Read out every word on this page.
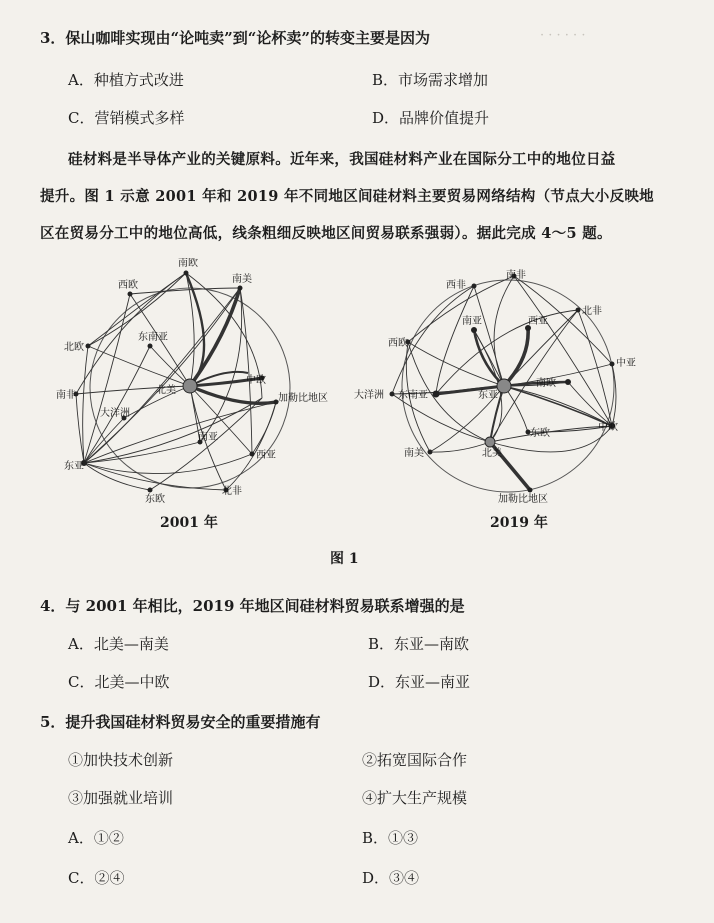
· · · · · ·
3．保山咖啡实现由“论吨卖”到“论杯卖”的转变主要是因为
A．种植方式改进	B．市场需求增加
C．营销模式多样	D．品牌价值提升
硅材料是半导体产业的关键原料。近年来，我国硅材料产业在国际分工中的地位日益
提升。图 1 示意 2001 年和 2019 年不同地区间硅材料主要贸易网络结构（节点大小反映地
区在贸易分工中的地位高低，线条粗细反映地区间贸易联系强弱）。据此完成 4～5 题。
南欧
西欧
南美
东南亚
北欧
北美
中欧
南非	加勒比地区
大洋洲
南亚
西亚
东亚
东欧
北非
南非
西非
北非
南亚	西亚
西欧
中亚
大洋洲 东南亚	东亚
南欧
中欧
东欧
南美	北美
加勒比地区
2001 年	2019 年
图 1
4．与 2001 年相比，2019 年地区间硅材料贸易联系增强的是
A．北美—南美	B．东亚—南欧
C．北美—中欧	D．东亚—南亚
5．提升我国硅材料贸易安全的重要措施有
①加快技术创新	②拓宽国际合作
③加强就业培训	④扩大生产规模
A．①②	B．①③
C．②④	D．③④
